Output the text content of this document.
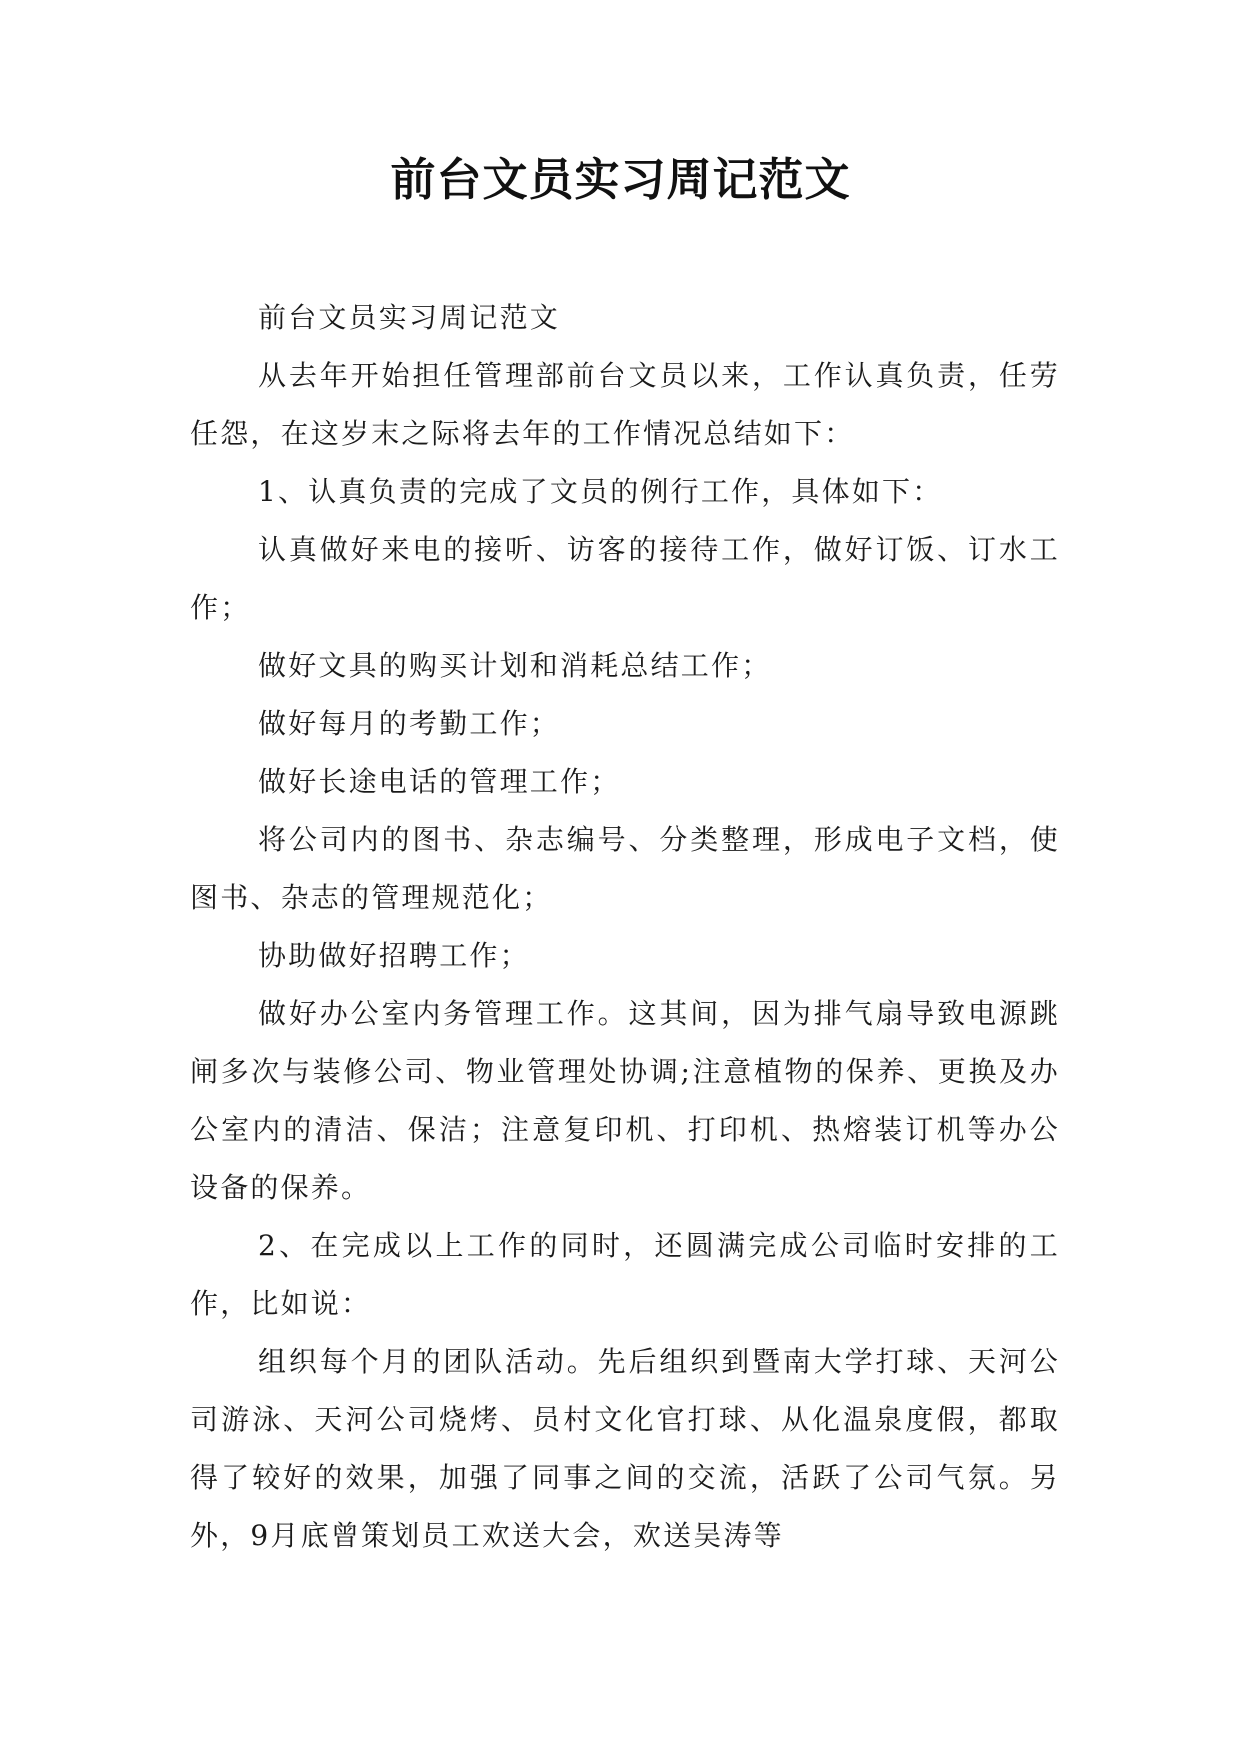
前台文员实习周记范文

前台文员实习周记范文

从去年开始担任管理部前台文员以来，工作认真负责，任劳任怨，在这岁末之际将去年的工作情况总结如下：

1、认真负责的完成了文员的例行工作，具体如下：

认真做好来电的接听、访客的接待工作，做好订饭、订水工作；

做好文具的购买计划和消耗总结工作；

做好每月的考勤工作；

做好长途电话的管理工作；

将公司内的图书、杂志编号、分类整理，形成电子文档，使图书、杂志的管理规范化；

协助做好招聘工作；

做好办公室内务管理工作。这其间，因为排气扇导致电源跳闸多次与装修公司、物业管理处协调;注意植物的保养、更换及办公室内的清洁、保洁；注意复印机、打印机、热熔装订机等办公设备的保养。

2、在完成以上工作的同时，还圆满完成公司临时安排的工作，比如说：

组织每个月的团队活动。先后组织到暨南大学打球、天河公司游泳、天河公司烧烤、员村文化官打球、从化温泉度假，都取得了较好的效果，加强了同事之间的交流，活跃了公司气氛。另外，9月底曾策划员工欢送大会，欢送吴涛等
